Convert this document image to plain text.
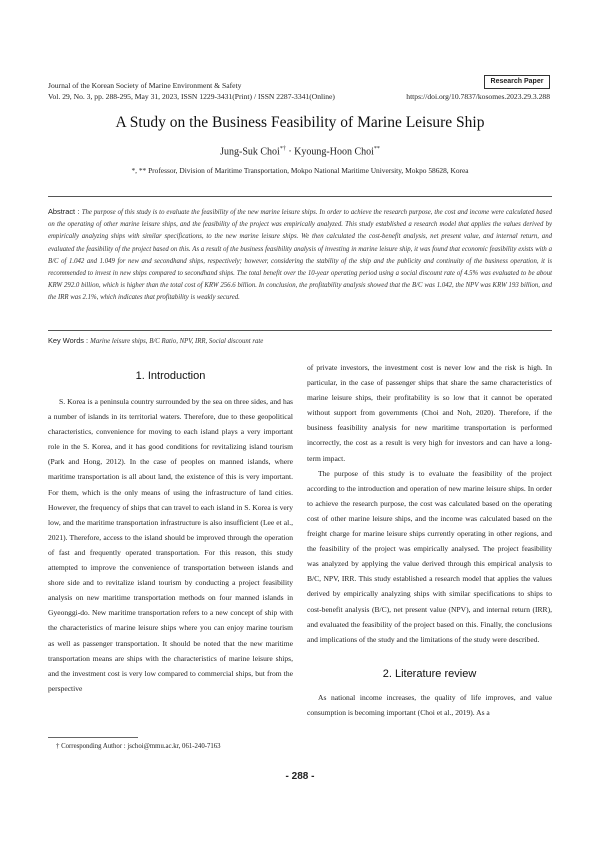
Journal of the Korean Society of Marine Environment & Safety
Vol. 29, No. 3, pp. 288-295, May 31, 2023, ISSN 1229-3431(Print) / ISSN 2287-3341(Online)
Research Paper
https://doi.org/10.7837/kosomes.2023.29.3.288
A Study on the Business Feasibility of Marine Leisure Ship
Jung-Suk Choi*† · Kyoung-Hoon Choi**
*, ** Professor, Division of Maritime Transportation, Mokpo National Maritime University, Mokpo 58628, Korea
Abstract : The purpose of this study is to evaluate the feasibility of the new marine leisure ships. In order to achieve the research purpose, the cost and income were calculated based on the operating of other marine leisure ships, and the feasibility of the project was empirically analyzed. This study established a research model that applies the values derived by empirically analyzing ships with similar specifications, to the new marine leisure ships. We then calculated the cost-benefit analysis, net present value, and internal return, and evaluated the feasibility of the project based on this. As a result of the business feasibility analysis of investing in marine leisure ship, it was found that economic feasibility exists with a B/C of 1.042 and 1.049 for new and secondhand ships, respectively; however, considering the stability of the ship and the publicity and continuity of the business operation, it is recommended to invest in new ships compared to secondhand ships. The total benefit over the 10-year operating period using a social discount rate of 4.5% was evaluated to be about KRW 292.0 billion, which is higher than the total cost of KRW 256.6 billion. In conclusion, the profitability analysis showed that the B/C was 1.042, the NPV was KRW 193 billion, and the IRR was 2.1%, which indicates that profitability is weakly secured.
Key Words : Marine leisure ships, B/C Ratio, NPV, IRR, Social discount rate
1. Introduction

S. Korea is a peninsula country surrounded by the sea on three sides, and has a number of islands in its territorial waters. Therefore, due to these geopolitical characteristics, convenience for moving to each island plays a very important role in the S. Korea, and it has good conditions for revitalizing island tourism (Park and Hong, 2012). In the case of peoples on manned islands, where maritime transportation is all about land, the existence of this is very important. For them, which is the only means of using the infrastructure of land cities. However, the frequency of ships that can travel to each island in S. Korea is very low, and the maritime transportation infrastructure is also insufficient (Lee et al., 2021). Therefore, access to the island should be improved through the operation of fast and frequently operated transportation. For this reason, this study attempted to improve the convenience of transportation between islands and shore side and to revitalize island tourism by conducting a project feasibility analysis on new maritime transportation methods on four manned islands in Gyeonggi-do. New maritime transportation refers to a new concept of ship with the characteristics of marine leisure ships where you can enjoy marine tourism as well as passenger transportation. It should be noted that the new maritime transportation means are ships with the characteristics of marine leisure ships, and the investment cost is very low compared to commercial ships, but from the perspective

of private investors, the investment cost is never low and the risk is high. In particular, in the case of passenger ships that share the same characteristics of marine leisure ships, their profitability is so low that it cannot be operated without support from governments (Choi and Noh, 2020). Therefore, if the business feasibility analysis for new maritime transportation is performed incorrectly, the cost as a result is very high for investors and can have a long-term impact.

The purpose of this study is to evaluate the feasibility of the project according to the introduction and operation of new marine leisure ships. In order to achieve the research purpose, the cost was calculated based on the operating cost of other marine leisure ships, and the income was calculated based on the freight charge for marine leisure ships currently operating in other regions, and the feasibility of the project was empirically analysed. The project feasibility was analyzed by applying the value derived through this empirical analysis to B/C, NPV, IRR. This study established a research model that applies the values derived by empirically analyzing ships with similar specifications to ships to cost-benefit analysis (B/C), net present value (NPV), and internal return (IRR), and evaluated the feasibility of the project based on this. Finally, the conclusions and implications of the study and the limitations of the study were described.

2. Literature review

As national income increases, the quality of life improves, and value consumption is becoming important (Choi et al., 2019). As a

† Corresponding Author : jschoi@mmu.ac.kr, 061-240-7163
- 288 -
